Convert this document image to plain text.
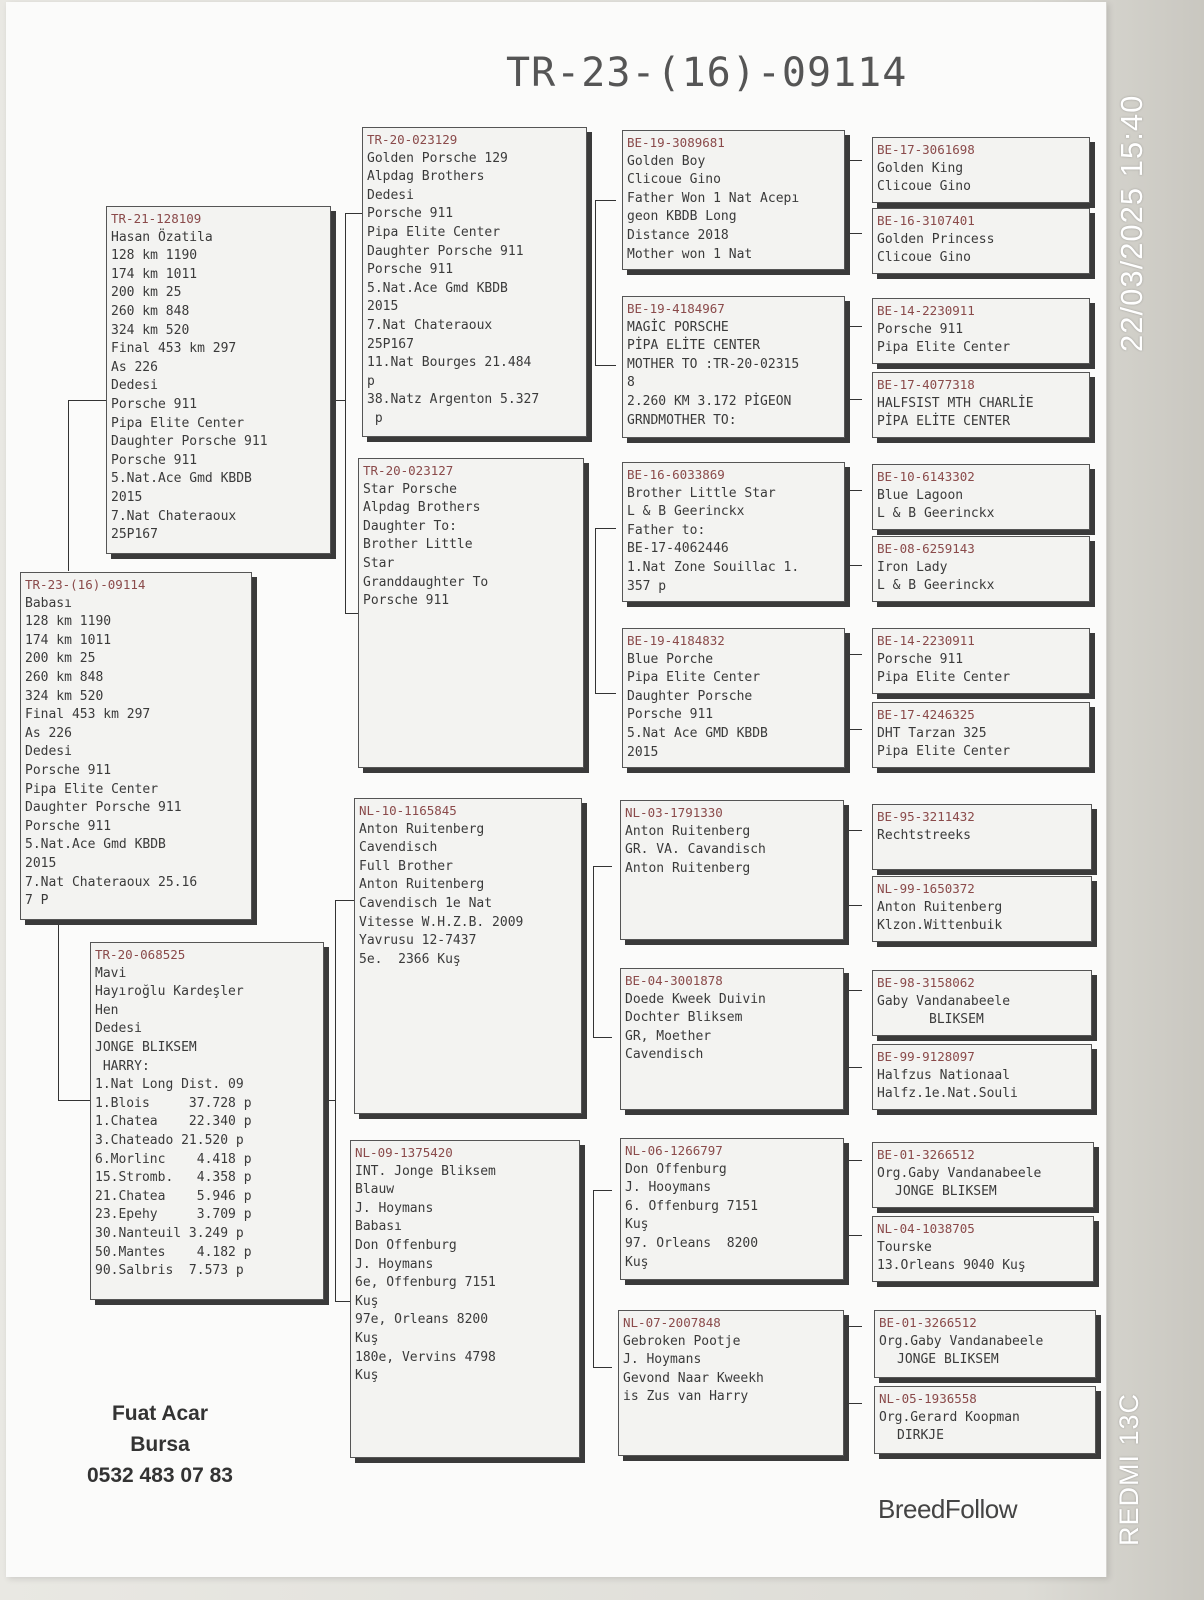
TR-23-(16)-09114
TR-23-(16)-09114
Babası
128 km 1190
174 km 1011
200 km 25
260 km 848
324 km 520
Final 453 km 297
As 226
Dedesi
Porsche 911
Pipa Elite Center
Daughter Porsche 911
Porsche 911
5.Nat.Ace Gmd KBDB
2015
7.Nat Chateraoux 25.16
7 P
TR-21-128109
Hasan Özatila
128 km 1190
174 km 1011
200 km 25
260 km 848
324 km 520
Final 453 km 297
As 226
Dedesi
Porsche 911
Pipa Elite Center
Daughter Porsche 911
Porsche 911
5.Nat.Ace Gmd KBDB
2015
7.Nat Chateraoux
25P167
TR-20-068525
Mavi
Hayıroğlu Kardeşler
Hen
Dedesi
JONGE BLIKSEM
HARRY:
1.Nat Long Dist. 09
1.Blois     37.728 p
1.Chatea    22.340 p
3.Chateado 21.520 p
6.Morlinc    4.418 p
15.Stromb.   4.358 p
21.Chatea    5.946 p
23.Epehy     3.709 p
30.Nanteuil 3.249 p
50.Mantes    4.182 p
90.Salbris  7.573 p
TR-20-023129
Golden Porsche 129
Alpdag Brothers
Dedesi
Porsche 911
Pipa Elite Center
Daughter Porsche 911
Porsche 911
5.Nat.Ace Gmd KBDB
2015
7.Nat Chateraoux
25P167
11.Nat Bourges 21.484
p
38.Natz Argenton 5.327
p
TR-20-023127
Star Porsche
Alpdag Brothers
Daughter To:
Brother Little
Star
Granddaughter To
Porsche 911
NL-10-1165845
Anton Ruitenberg
Cavendisch
Full Brother
Anton Ruitenberg
Cavendisch 1e Nat
Vitesse W.H.Z.B. 2009
Yavrusu 12-7437
5e.  2366 Kuş
NL-09-1375420
INT. Jonge Bliksem
Blauw
J. Hoymans
Babası
Don Offenburg
J. Hoymans
6e, Offenburg 7151
Kuş
97e, Orleans 8200
Kuş
180e, Vervins 4798
Kuş
BE-19-3089681
Golden Boy
Clicoue Gino
Father Won 1 Nat Acepı
geon KBDB Long
Distance 2018
Mother won 1 Nat
BE-19-4184967
MAGİC PORSCHE
PİPA ELİTE CENTER
MOTHER TO :TR-20-02315
8
2.260 KM 3.172 PİGEON
GRNDMOTHER TO:
BE-16-6033869
Brother Little Star
L & B Geerinckx
Father to:
BE-17-4062446
1.Nat Zone Souillac 1.
357 p
BE-19-4184832
Blue Porche
Pipa Elite Center
Daughter Porsche
Porsche 911
5.Nat Ace GMD KBDB
2015
NL-03-1791330
Anton Ruitenberg
GR. VA. Cavandisch
Anton Ruitenberg
BE-04-3001878
Doede Kweek Duivin
Dochter Bliksem
GR, Moether
Cavendisch
NL-06-1266797
Don Offenburg
J. Hooymans
6. Offenburg 7151
Kuş
97. Orleans  8200
Kuş
NL-07-2007848
Gebroken Pootje
J. Hoymans
Gevond Naar Kweekh
is Zus van Harry
BE-17-3061698
Golden King
Clicoue Gino
BE-16-3107401
Golden Princess
Clicoue Gino
BE-14-2230911
Porsche 911
Pipa Elite Center
BE-17-4077318
HALFSIST MTH CHARLİE
PİPA ELİTE CENTER
BE-10-6143302
Blue Lagoon
L & B Geerinckx
BE-08-6259143
Iron Lady
L & B Geerinckx
BE-14-2230911
Porsche 911
Pipa Elite Center
BE-17-4246325
DHT Tarzan 325
Pipa Elite Center
BE-95-3211432
Rechtstreeks
NL-99-1650372
Anton Ruitenberg
Klzon.Wittenbuik
BE-98-3158062
Gaby Vandanabeele
BLIKSEM
BE-99-9128097
Halfzus Nationaal
Halfz.1e.Nat.Souli
BE-01-3266512
Org.Gaby Vandanabeele
JONGE BLIKSEM
NL-04-1038705
Tourske
13.Orleans 9040 Kuş
BE-01-3266512
Org.Gaby Vandanabeele
JONGE BLIKSEM
NL-05-1936558
Org.Gerard Koopman
DIRKJE
Fuat Acar
Bursa
0532 483 07 83
BreedFollow
22/03/2025 15:40
REDMI 13C
